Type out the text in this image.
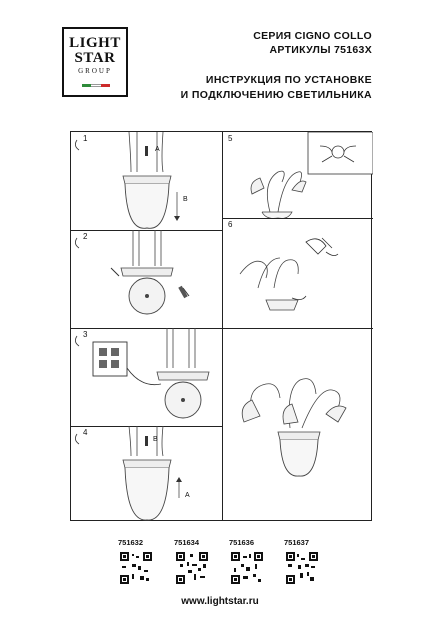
LIGHT
STAR
GROUP
СЕРИЯ CIGNO COLLO
АРТИКУЛЫ 75163X
ИНСТРУКЦИЯ ПО УСТАНОВКЕ
И ПОДКЛЮЧЕНИЮ СВЕТИЛЬНИКА
1
A
B
2
3
4
B
A
5
6
751632	751634	751636	751637
www.lightstar.ru
